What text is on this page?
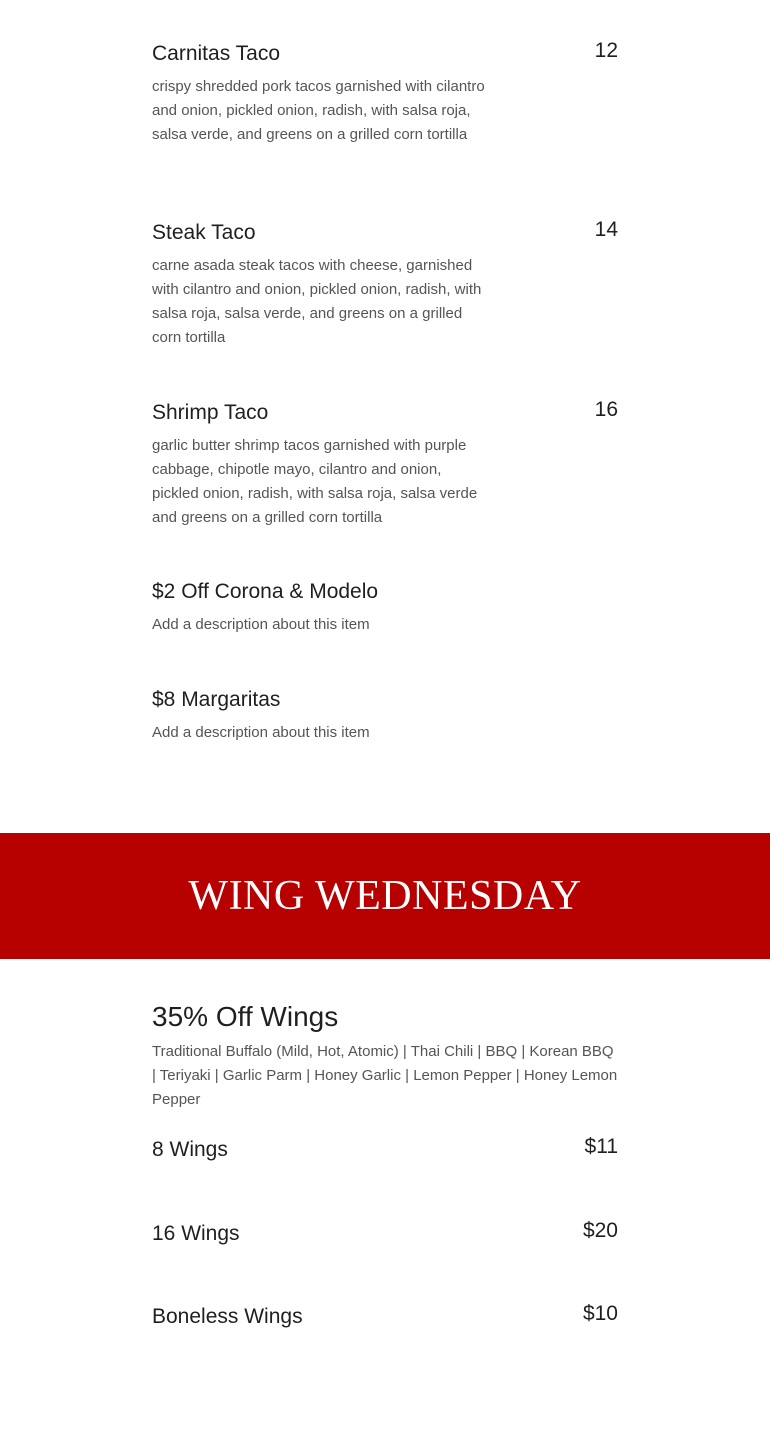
Carnitas Taco	12
crispy shredded pork tacos garnished with cilantro and onion, pickled onion, radish, with salsa roja, salsa verde, and greens on a grilled corn tortilla
Steak Taco	14
carne asada steak tacos with cheese, garnished with cilantro and onion, pickled onion, radish, with salsa roja, salsa verde, and greens on a grilled corn tortilla
Shrimp Taco	16
garlic butter shrimp tacos garnished with purple cabbage, chipotle mayo, cilantro and onion, pickled onion, radish, with salsa roja, salsa verde and greens on a grilled corn tortilla
$2 Off Corona & Modelo
Add a description about this item
$8 Margaritas
Add a description about this item
WING WEDNESDAY
35% Off Wings
Traditional Buffalo (Mild, Hot, Atomic) | Thai Chili | BBQ | Korean BBQ | Teriyaki | Garlic Parm | Honey Garlic | Lemon Pepper | Honey Lemon Pepper
8 Wings	$11
16 Wings	$20
Boneless Wings	$10
